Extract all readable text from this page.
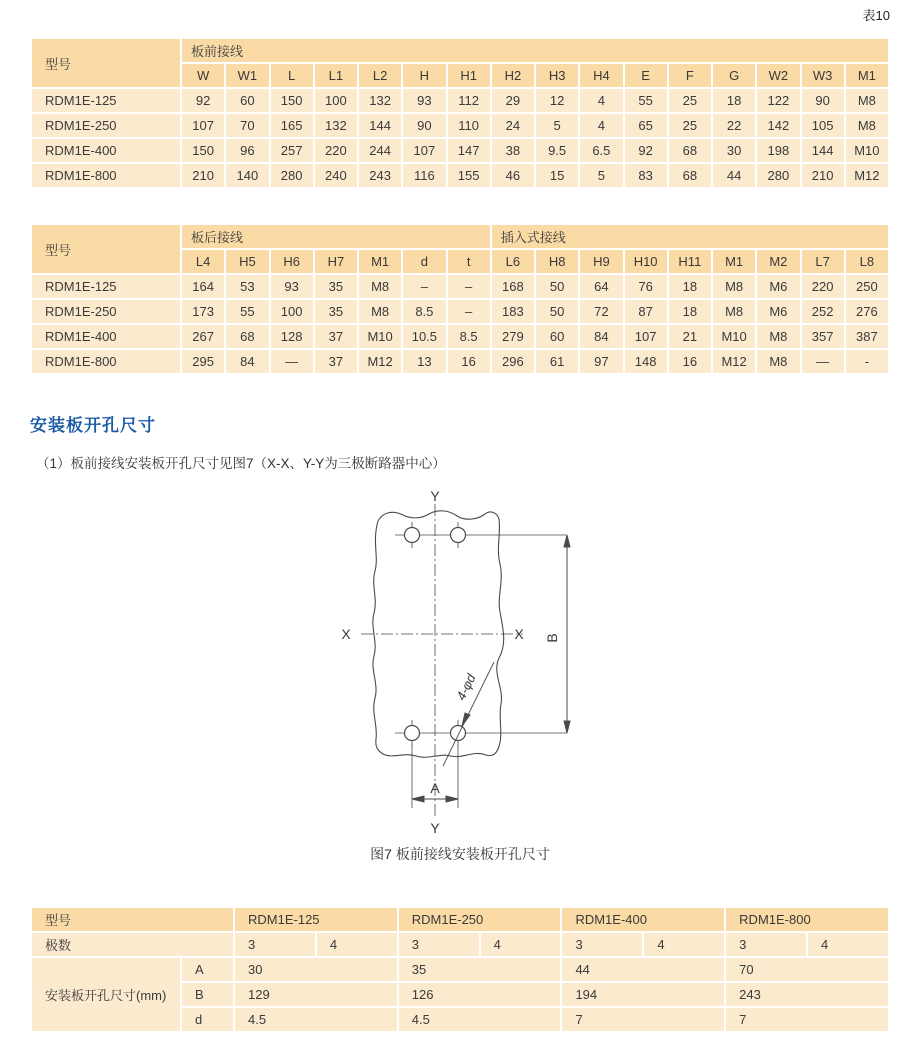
表10
型号	板前接线															
	W	W1	L	L1	L2	H	H1	H2	H3	H4	E	F	G	W2	W3	M1
RDM1E-125	92	60	150	100	132	93	112	29	12	4	55	25	18	122	90	M8
RDM1E-250	107	70	165	132	144	90	110	24	5	4	65	25	22	142	105	M8
RDM1E-400	150	96	257	220	244	107	147	38	9.5	6.5	92	68	30	198	144	M10
RDM1E-800	210	140	280	240	243	116	155	46	15	5	83	68	44	280	210	M12
型号	板后接线							插入式接线								
	L4	H5	H6	H7	M1	d	t	L6	H8	H9	H10	H11	M1	M2	L7	L8
RDM1E-125	164	53	93	35	M8	–	–	168	50	64	76	18	M8	M6	220	250
RDM1E-250	173	55	100	35	M8	8.5	–	183	50	72	87	18	M8	M6	252	276
RDM1E-400	267	68	128	37	M10	10.5	8.5	279	60	84	107	21	M10	M8	357	387
RDM1E-800	295	84	—	37	M12	13	16	296	61	97	148	16	M12	M8	—	-
安装板开孔尺寸

（1）板前接线安装板开孔尺寸见图7（X-X、Y-Y为三极断路器中心）

Y
Y
X	X
A
B
4-φd
图7 板前接线安装板开孔尺寸
型号		RDM1E-125		RDM1E-250		RDM1E-400		RDM1E-800	
极数		3	4	3	4	3	4	3	4
安装板开孔尺寸(mm)	A	30		35		44		70	
	B	129		126		194		243	
	d	4.5		4.5		7		7	
